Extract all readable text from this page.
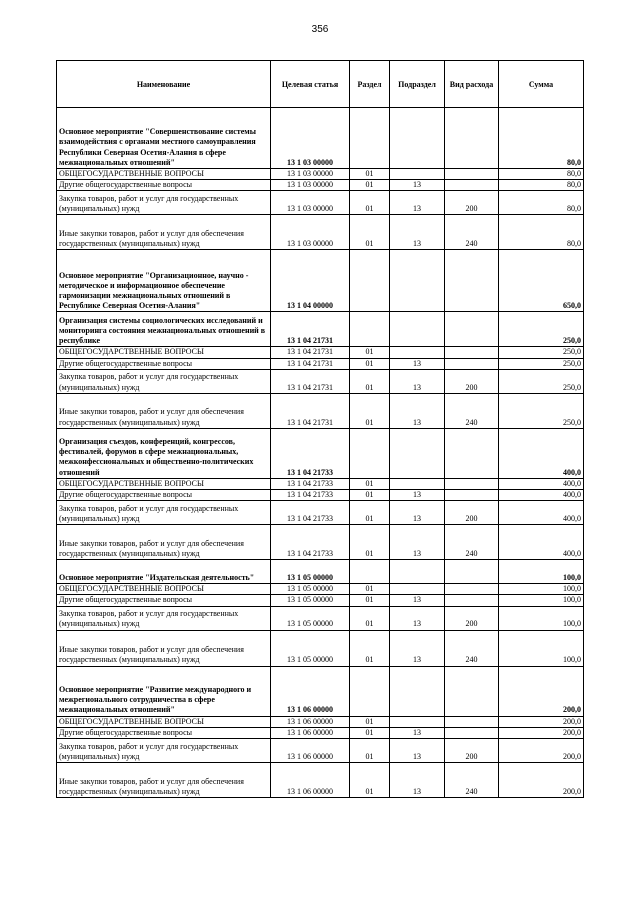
356
Наименование	Целевая статья	Раздел	Подраздел	Вид расхода	Сумма
Основное мероприятие "Совершенствование системы взаимодействия с органами местного самоуправления Республики Северная Осетия-Алания в сфере межнациональных отношений"	13 1 03 00000				80,0
ОБЩЕГОСУДАРСТВЕННЫЕ ВОПРОСЫ	13 1 03 00000	01			80,0
Другие общегосударственные вопросы	13 1 03 00000	01	13		80,0
Закупка товаров, работ и услуг для государственных (муниципальных) нужд	13 1 03 00000	01	13	200	80,0
Иные закупки товаров, работ и услуг для обеспечения государственных (муниципальных) нужд	13 1 03 00000	01	13	240	80,0
Основное мероприятие "Организационное, научно - методическое и информационное обеспечение гармонизации межнациональных отношений в Республике Северная Осетия-Алания"	13 1 04 00000				650,0
Организация системы социологических исследований и мониторинга состояния межнациональных отношений в республике	13 1 04 21731				250,0
ОБЩЕГОСУДАРСТВЕННЫЕ ВОПРОСЫ	13 1 04 21731	01			250,0
Другие общегосударственные вопросы	13 1 04 21731	01	13		250,0
Закупка товаров, работ и услуг для государственных (муниципальных) нужд	13 1 04 21731	01	13	200	250,0
Иные закупки товаров, работ и услуг для обеспечения государственных (муниципальных) нужд	13 1 04 21731	01	13	240	250,0
Организация съездов, конференций, конгрессов, фестивалей, форумов в сфере межнациональных, межконфессиональных и общественно-политических отношений	13 1 04 21733				400,0
ОБЩЕГОСУДАРСТВЕННЫЕ ВОПРОСЫ	13 1 04 21733	01			400,0
Другие общегосударственные вопросы	13 1 04 21733	01	13		400,0
Закупка товаров, работ и услуг для государственных (муниципальных) нужд	13 1 04 21733	01	13	200	400,0
Иные закупки товаров, работ и услуг для обеспечения государственных (муниципальных) нужд	13 1 04 21733	01	13	240	400,0
Основное мероприятие "Издательская деятельность"	13 1 05 00000				100,0
ОБЩЕГОСУДАРСТВЕННЫЕ ВОПРОСЫ	13 1 05 00000	01			100,0
Другие общегосударственные вопросы	13 1 05 00000	01	13		100,0
Закупка товаров, работ и услуг для государственных (муниципальных) нужд	13 1 05 00000	01	13	200	100,0
Иные закупки товаров, работ и услуг для обеспечения государственных (муниципальных) нужд	13 1 05 00000	01	13	240	100,0
Основное мероприятие "Развитие международного и межрегионального сотрудничества в сфере межнациональных отношений"	13 1 06 00000				200,0
ОБЩЕГОСУДАРСТВЕННЫЕ ВОПРОСЫ	13 1 06 00000	01			200,0
Другие общегосударственные вопросы	13 1 06 00000	01	13		200,0
Закупка товаров, работ и услуг для государственных (муниципальных) нужд	13 1 06 00000	01	13	200	200,0
Иные закупки товаров, работ и услуг для обеспечения государственных (муниципальных) нужд	13 1 06 00000	01	13	240	200,0
